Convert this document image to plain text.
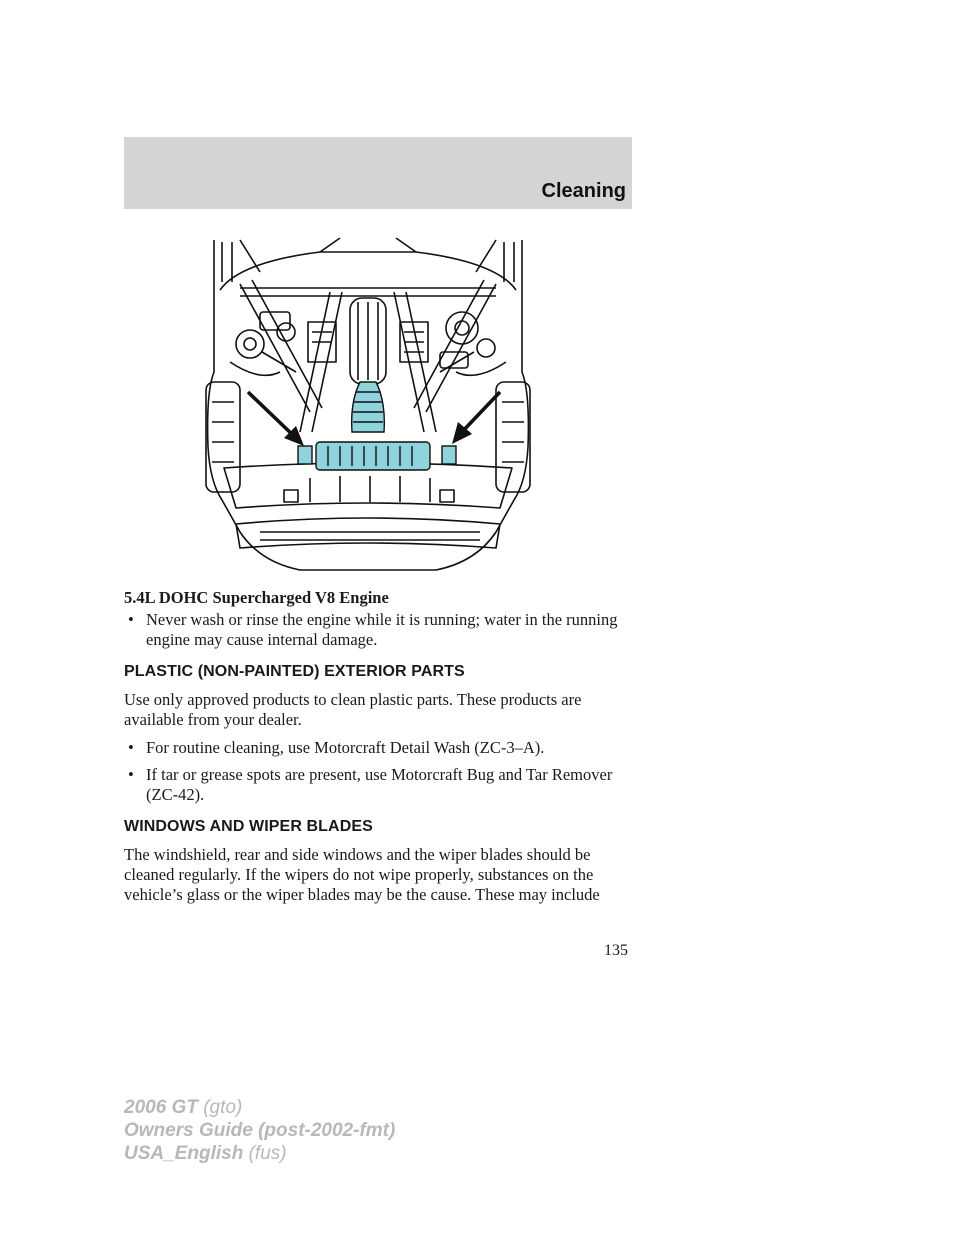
Cleaning
5.4L DOHC Supercharged V8 Engine
• Never wash or rinse the engine while it is running; water in the running engine may cause internal damage.
PLASTIC (NON-PAINTED) EXTERIOR PARTS

Use only approved products to clean plastic parts. These products are available from your dealer.

• For routine cleaning, use Motorcraft Detail Wash (ZC-3–A).
• If tar or grease spots are present, use Motorcraft Bug and Tar Remover (ZC-42).
WINDOWS AND WIPER BLADES

The windshield, rear and side windows and the wiper blades should be cleaned regularly. If the wipers do not wipe properly, substances on the vehicle’s glass or the wiper blades may be the cause. These may include

135
2006 GT (gto)
Owners Guide (post-2002-fmt)
USA_English (fus)
